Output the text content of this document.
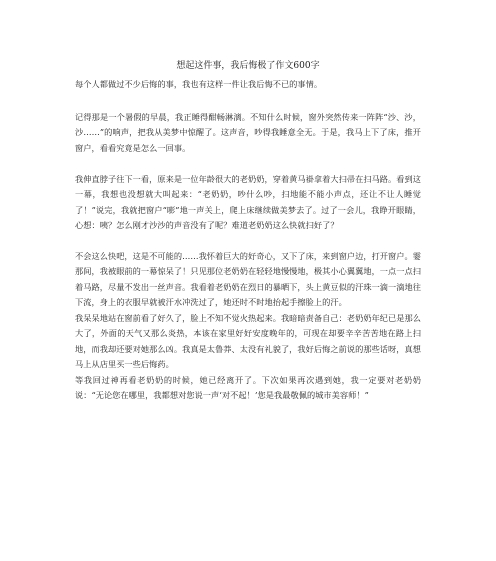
想起这件事，我后悔极了作文600字

每个人都做过不少后悔的事，我也有这样一件让我后悔不已的事情。

记得那是一个暑假的早晨，我正睡得酣畅淋漓。不知什么时候，窗外突然传来一阵阵“沙、沙，沙……”的响声，把我从美梦中惊醒了。这声音，吵得我睡意全无。于是，我马上下了床，推开窗户，看看究竟是怎么一回事。

我伸直脖子往下一看，原来是一位年龄很大的老奶奶，穿着黄马褂拿着大扫帚在扫马路。看到这一幕，我想也没想就大叫起来：“老奶奶，吵什么吵，扫地能不能小声点，还让不让人睡觉了！”说完，我就把窗户“嘭”地一声关上，爬上床继续做美梦去了。过了一会儿，我睁开眼睛，心想：咦？怎么刚才沙沙的声音没有了呢？难道老奶奶这么快就扫好了？

不会这么快吧，这是不可能的……我怀着巨大的好奇心，又下了床，来到窗户边，打开窗户。霎那间，我被眼前的一幕惊呆了！只见那位老奶奶在轻轻地慢慢地，极其小心翼翼地，一点一点扫着马路，尽量不发出一丝声音。我看着老奶奶在烈日的暴晒下，头上黄豆似的汗珠一滴一滴地往下流，身上的衣服早就被汗水冲洗过了，她还时不时地抬起手擦脸上的汗。

我呆呆地站在窗前看了好久了，脸上不知不觉火热起来。我暗暗责备自己：老奶奶年纪已是那么大了，外面的天气又那么炎热，本该在家里好好安度晚年的，可现在却要辛辛苦苦地在路上扫地，而我却还要对她那么凶。我真是太鲁莽、太没有礼貌了，我好后悔之前说的那些话呀，真想马上从店里买一些后悔药。

等我回过神再看老奶奶的时候，她已经离开了。下次如果再次遇到她，我一定要对老奶奶说：“无论您在哪里，我都想对您说一声‘对不起！’您是我最敬佩的城市美容师！”
